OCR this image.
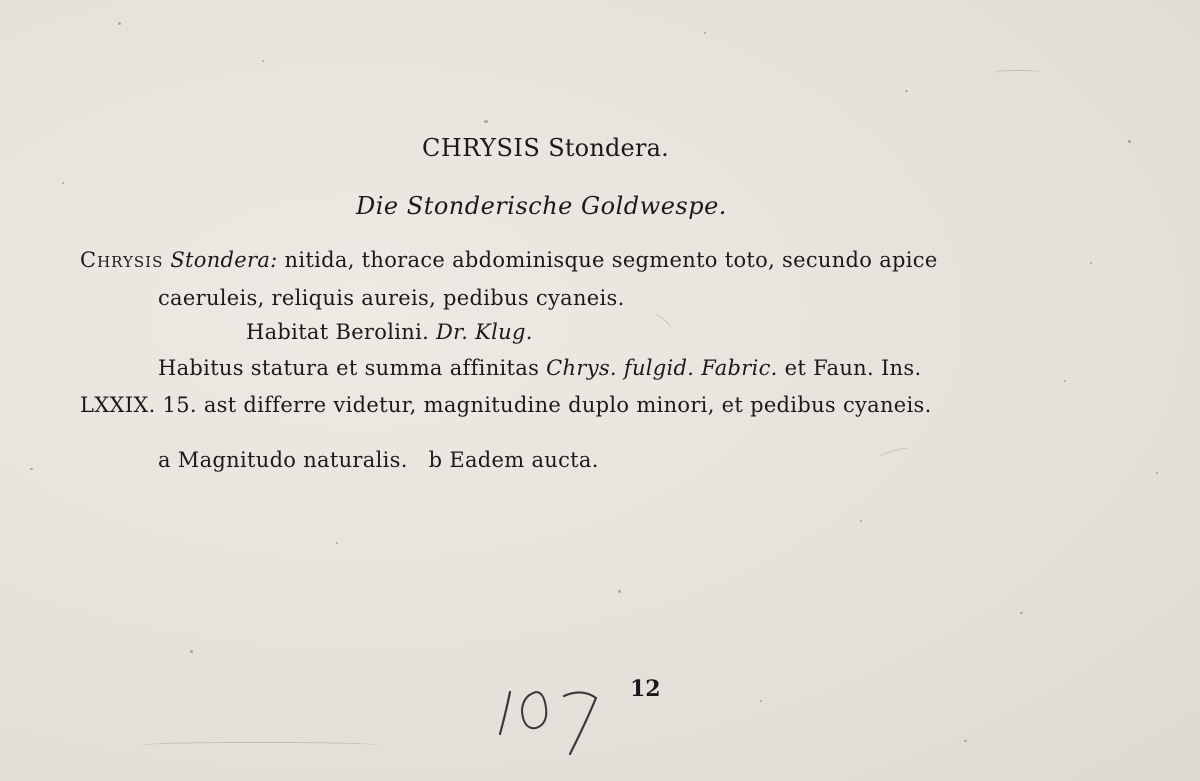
CHRYSIS Stondera.
Die Stonderische Goldwespe.
Chrysis Stondera: nitida, thorace abdominisque segmento toto, secundo apice
caeruleis, reliquis aureis, pedibus cyaneis.
Habitat Berolini. Dr. Klug.
Habitus statura et summa affinitas Chrys. fulgid. Fabric. et Faun. Ins.
LXXIX. 15. ast differre videtur, magnitudine duplo minori, et pedibus cyaneis.
a Magnitudo naturalis. b Eadem aucta.
12
